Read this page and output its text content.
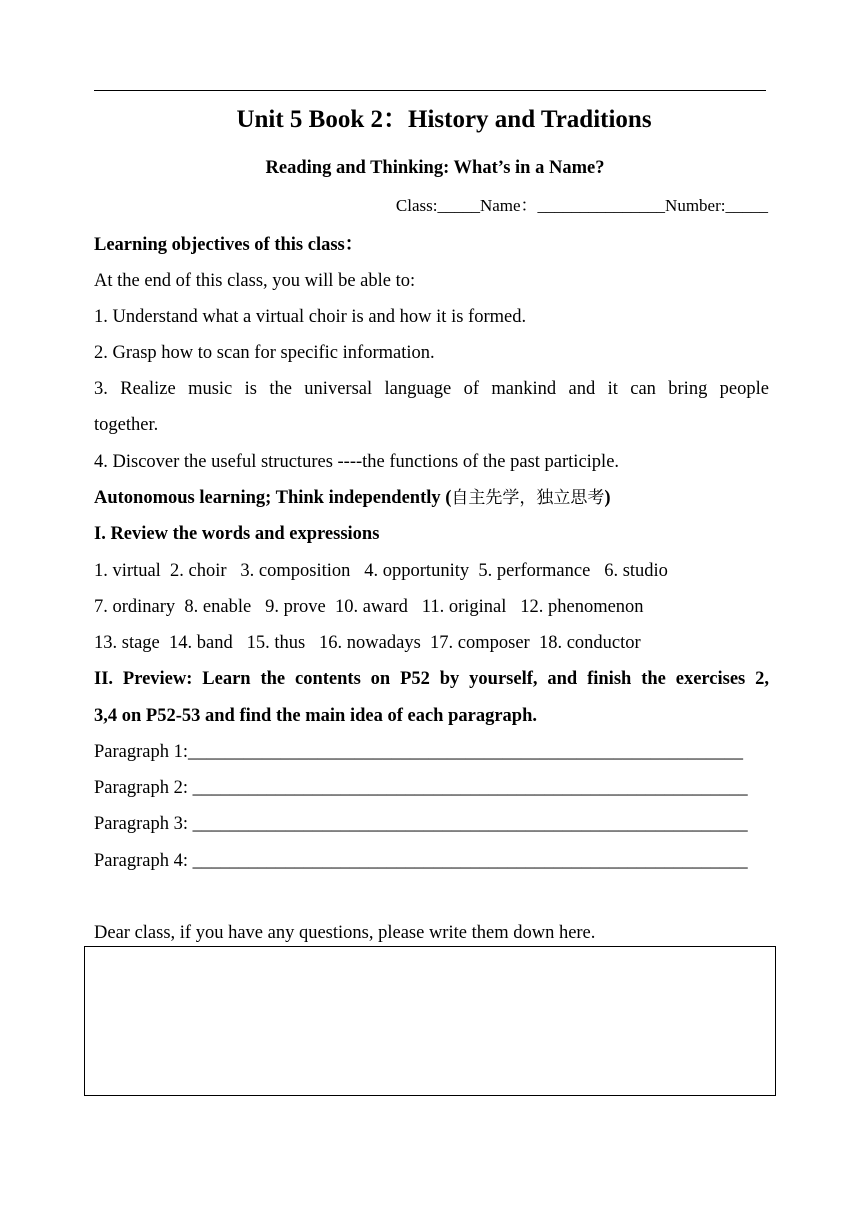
Unit 5 Book 2：History and Traditions
Reading and Thinking: What’s in a Name?
Class:_____Name：_______________Number:_____

Learning objectives of this class：

At the end of this class, you will be able to:

1. Understand what a virtual choir is and how it is formed.

2. Grasp how to scan for specific information.

3. Realize music is the universal language of mankind and it can bring people

together.

4. Discover the useful structures ----the functions of the past participle.

Autonomous learning; Think independently (自主先学，独立思考)

I. Review the words and expressions

1. virtual  2. choir   3. composition   4. opportunity  5. performance   6. studio

7. ordinary  8. enable   9. prove  10. award   11. original   12. phenomenon

13. stage  14. band   15. thus   16. nowadays  17. composer  18. conductor

II. Preview: Learn the contents on P52 by yourself, and finish the exercises 2,

3,4 on P52-53 and find the main idea of each paragraph.

Paragraph 1:____________________________________________________________

Paragraph 2: ____________________________________________________________

Paragraph 3: ____________________________________________________________

Paragraph 4: ____________________________________________________________

Dear class, if you have any questions, please write them down here.
